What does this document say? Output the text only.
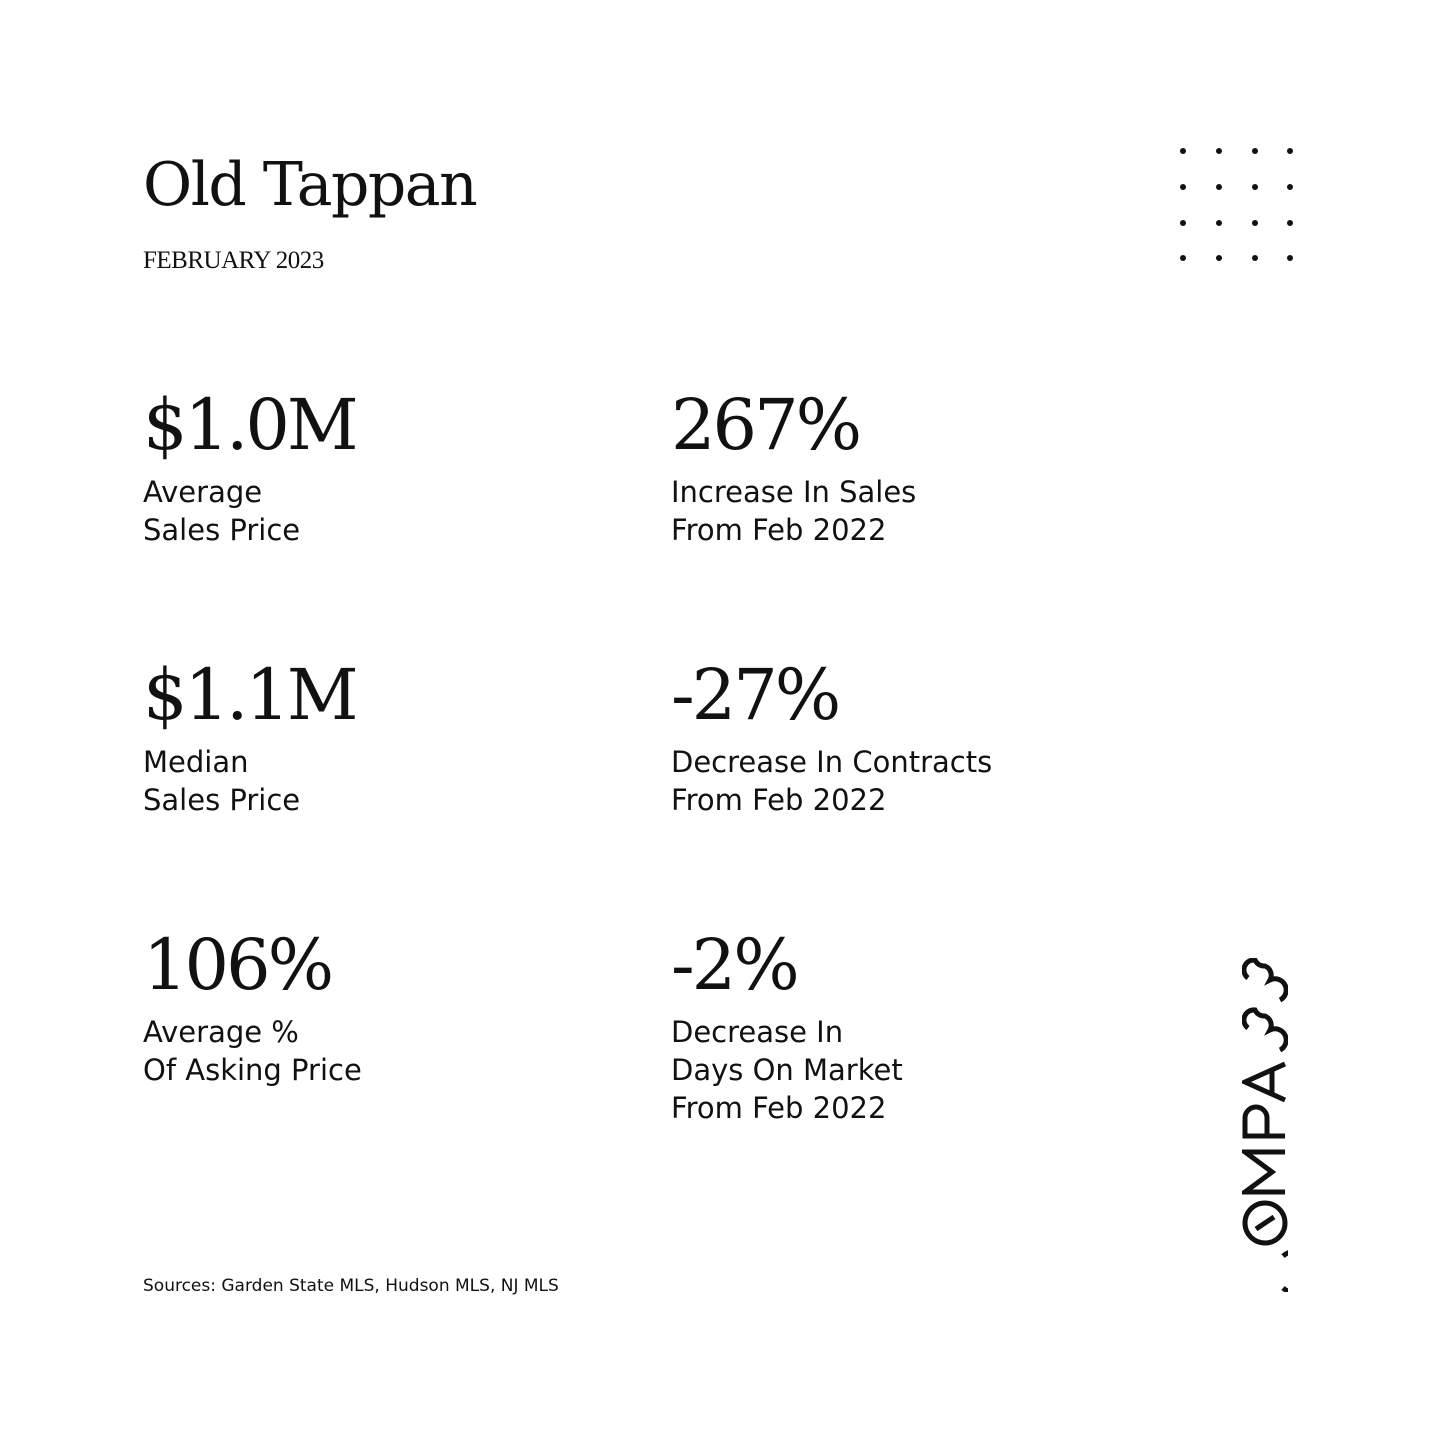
Old Tappan
FEBRUARY 2023
$1.0M
Average
Sales Price
267%
Increase In Sales
From Feb 2022
$1.1M
Median
Sales Price
-27%
Decrease In Contracts
From Feb 2022
106%
Average %
Of Asking Price
-2%
Decrease In
Days On Market
From Feb 2022
Sources: Garden State MLS, Hudson MLS, NJ MLS
